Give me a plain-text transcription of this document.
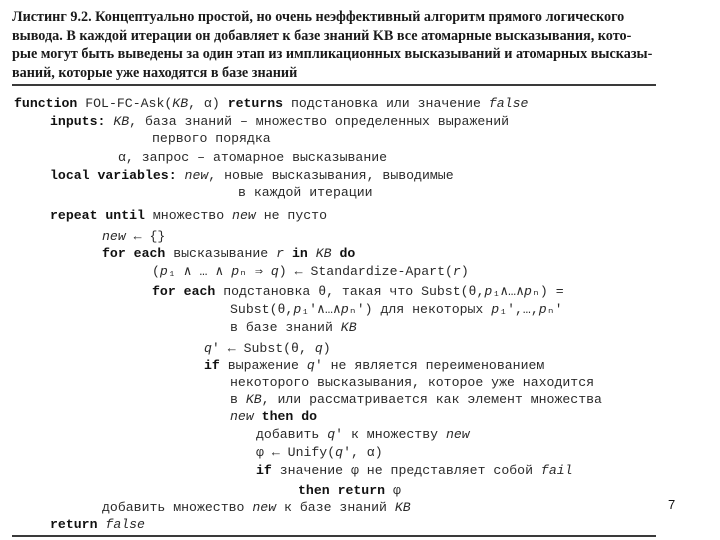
Листинг 9.2. Концептуально простой, но очень неэффективный алгоритм прямого логического
вывода. В каждой итерации он добавляет к базе знаний KB все атомарные высказывания, кото-
рые могут быть выведены за один этап из импликационных высказываний и атомарных высказы-
ваний, которые уже находятся в базе знаний
function FOL-FC-Ask(KB, α) returns подстановка или значение false
inputs: KB, база знаний – множество определенных выражений
первого порядка
α, запрос – атомарное высказывание
local variables: new, новые высказывания, выводимые
в каждой итерации
repeat until множество new не пусто
new ← {}
for each высказывание r in KB do
(p₁ ∧ … ∧ pₙ ⇒ q) ← Standardize-Apart(r)
for each подстановка θ, такая что Subst(θ,p₁∧…∧pₙ) =
Subst(θ,p₁'∧…∧pₙ') для некоторых p₁',…,pₙ'
в базе знаний KB
q' ← Subst(θ, q)
if выражение q' не является переименованием
некоторого высказывания, которое уже находится
в KB, или рассматривается как элемент множества
new then do
добавить q' к множеству new
φ ← Unify(q', α)
if значение φ не представляет собой fail
then return φ
добавить множество new к базе знаний KB
return false
7
